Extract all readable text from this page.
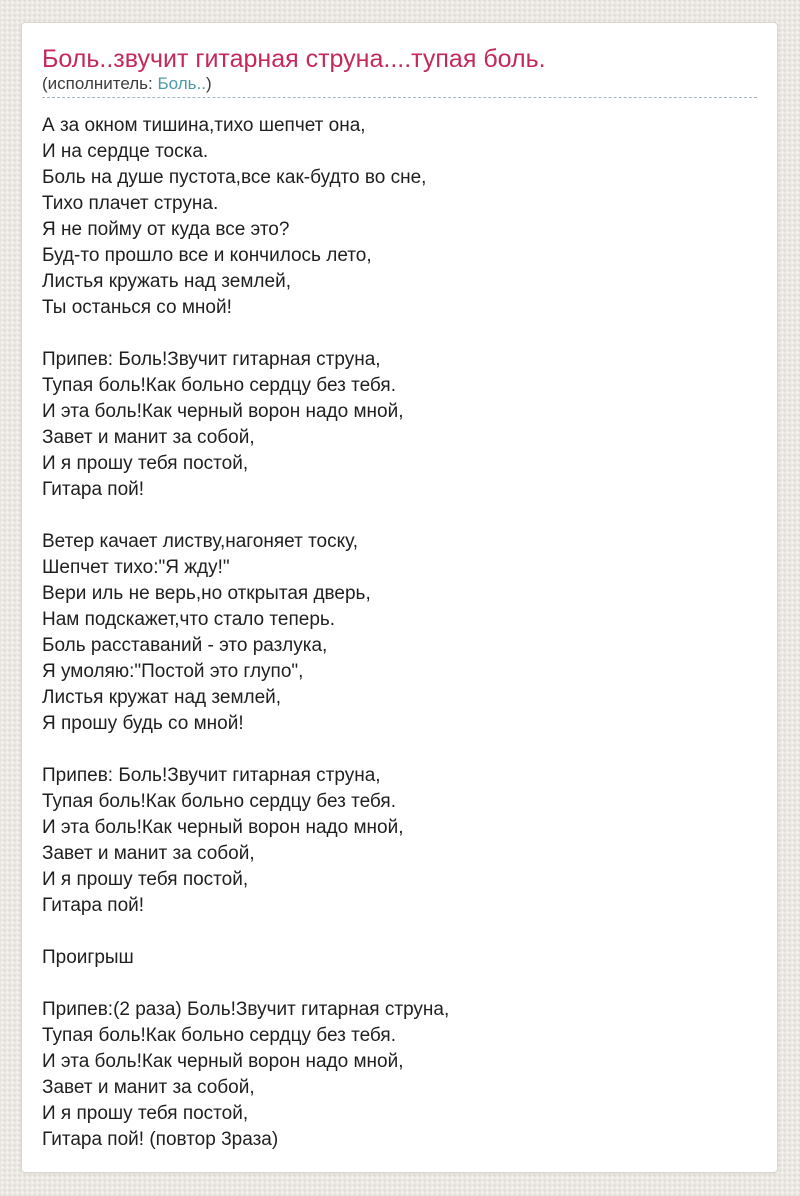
Боль..звучит гитарная струна....тупая боль.
(исполнитель: Боль..)

А за окном тишина,тихо шепчет она,
И на сердце тоска.
Боль на душе пустота,все как-будто во сне,
Тихо плачет струна.
Я не пойму от куда все это?
Буд-то прошло все и кончилось лето,
Листья кружать над землей,
Ты останься со мной!

Припев: Боль!Звучит гитарная струна,
Тупая боль!Как больно сердцу без тебя.
И эта боль!Как черный ворон надо мной,
Завет и манит за собой,
И я прошу тебя постой,
Гитара пой!

Ветер качает листву,нагоняет тоску,
Шепчет тихо:"Я жду!"
Вери иль не верь,но открытая дверь,
Нам подскажет,что стало теперь.
Боль расставаний - это разлука,
Я умоляю:"Постой это глупо",
Листья кружат над землей,
Я прошу будь со мной!

Припев: Боль!Звучит гитарная струна,
Тупая боль!Как больно сердцу без тебя.
И эта боль!Как черный ворон надо мной,
Завет и манит за собой,
И я прошу тебя постой,
Гитара пой!

Проигрыш

Припев:(2 раза) Боль!Звучит гитарная струна,
Тупая боль!Как больно сердцу без тебя.
И эта боль!Как черный ворон надо мной,
Завет и манит за собой,
И я прошу тебя постой,
Гитара пой! (повтор 3раза)
